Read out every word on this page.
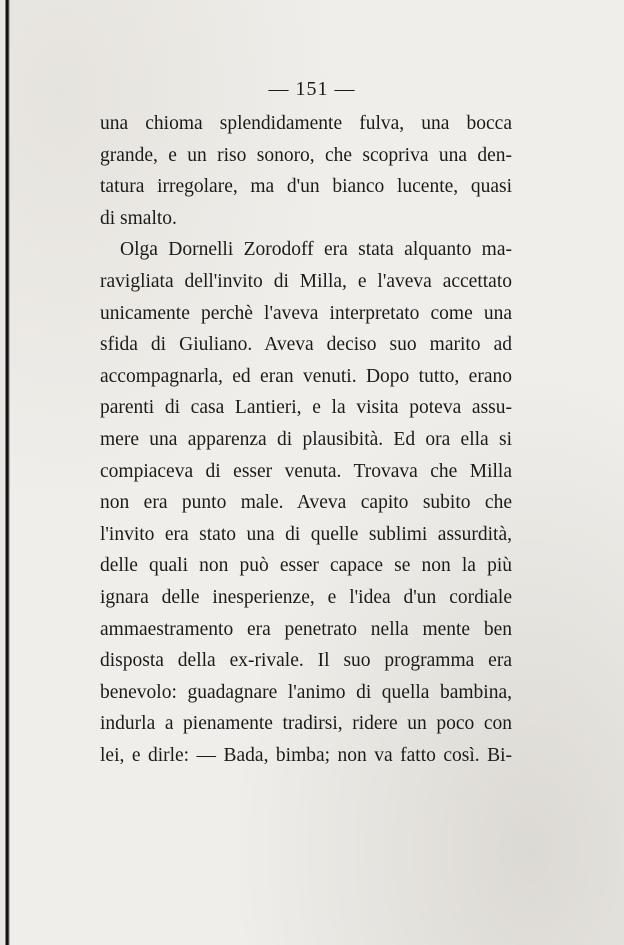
— 151 —
una chioma splendidamente fulva, una bocca
grande, e un riso sonoro, che scopriva una den-
tatura irregolare, ma d'un bianco lucente, quasi
di smalto.
Olga Dornelli Zorodoff era stata alquanto ma-
ravigliata dell'invito di Milla, e l'aveva accettato
unicamente perchè l'aveva interpretato come una
sfida di Giuliano. Aveva deciso suo marito ad
accompagnarla, ed eran venuti. Dopo tutto, erano
parenti di casa Lantieri, e la visita poteva assu-
mere una apparenza di plausibità. Ed ora ella si
compiaceva di esser venuta. Trovava che Milla
non era punto male. Aveva capito subito che
l'invito era stato una di quelle sublimi assurdità,
delle quali non può esser capace se non la più
ignara delle inesperienze, e l'idea d'un cordiale
ammaestramento era penetrato nella mente ben
disposta della ex-rivale. Il suo programma era
benevolo: guadagnare l'animo di quella bambina,
indurla a pienamente tradirsi, ridere un poco con
lei, e dirle: — Bada, bimba; non va fatto così. Bi-
